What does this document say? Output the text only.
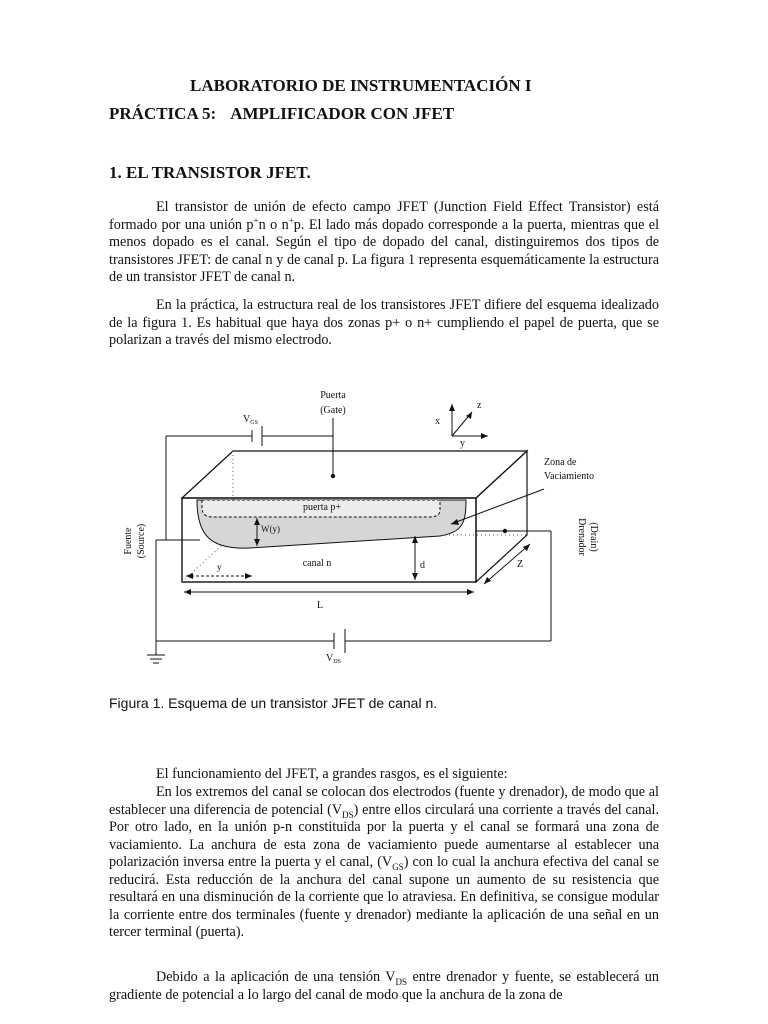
LABORATORIO DE INSTRUMENTACIÓN I
PRÁCTICA 5: AMPLIFICADOR CON JFET
1. EL TRANSISTOR JFET.
El transistor de unión de efecto campo JFET (Junction Field Effect Transistor) está formado por una unión p+n o n+p. El lado más dopado corresponde a la puerta, mientras que el menos dopado es el canal. Según el tipo de dopado del canal, distinguiremos dos tipos de transistores JFET: de canal n y de canal p. La figura 1 representa esquemáticamente la estructura de un transistor JFET de canal n.
En la práctica, la estructura real de los transistores JFET difiere del esquema idealizado de la figura 1. Es habitual que haya dos zonas p+ o n+ cumpliendo el papel de puerta, que se polarizan a través del mismo electrodo.
Puerta
(Gate)
$V_{GS}$
$V_{DS}$
x
y
z
Zona de
Vaciamiento
puerta p+
W(y)
canal n	d
y
L
Z
Fuente (Source)	Drenador (Drain)
Figura 1. Esquema de un transistor JFET de canal n.
El funcionamiento del JFET, a grandes rasgos, es el siguiente:
En los extremos del canal se colocan dos electrodos (fuente y drenador), de modo que al establecer una diferencia de potencial $(V_{DS})$ entre ellos circulará una corriente a través del canal. Por otro lado, en la unión p-n constituida por la puerta y el canal se formará una zona de vaciamiento. La anchura de esta zona de vaciamiento puede aumentarse al establecer una polarización inversa entre la puerta y el canal, $(V_{GS})$ con lo cual la anchura efectiva del canal se reducirá. Esta reducción de la anchura del canal supone un aumento de su resistencia que resultará en una disminución de la corriente que lo atraviesa. En definitiva, se consigue modular la corriente entre dos terminales (fuente y drenador) mediante la aplicación de una señal en un tercer terminal (puerta).
Debido a la aplicación de una tensión $V_{DS}$ entre drenador y fuente, se establecerá un gradiente de potencial a lo largo del canal de modo que la anchura de la zona de
